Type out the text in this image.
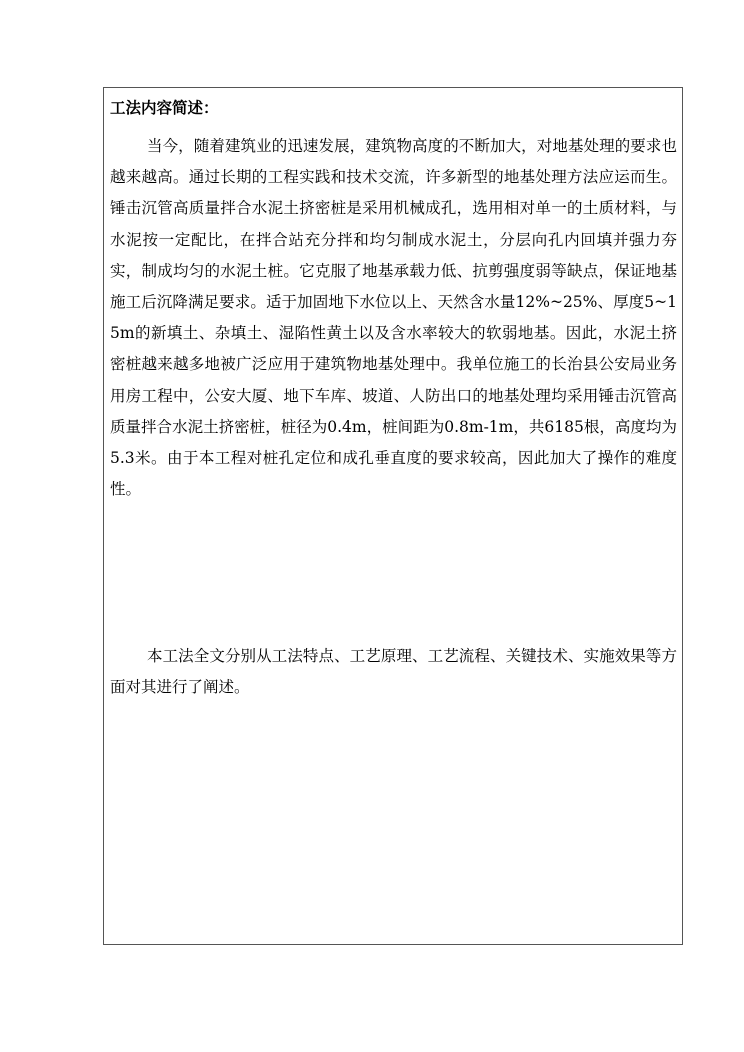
工法内容简述：

当今，随着建筑业的迅速发展，建筑物高度的不断加大，对地基处理的要求也越来越高。通过长期的工程实践和技术交流，许多新型的地基处理方法应运而生。锤击沉管高质量拌合水泥土挤密桩是采用机械成孔，选用相对单一的土质材料，与水泥按一定配比，在拌合站充分拌和均匀制成水泥土，分层向孔内回填并强力夯实，制成均匀的水泥土桩。它克服了地基承载力低、抗剪强度弱等缺点，保证地基施工后沉降满足要求。适于加固地下水位以上、天然含水量12%~25%、厚度5~15m的新填土、杂填土、湿陷性黄土以及含水率较大的软弱地基。因此，水泥土挤密桩越来越多地被广泛应用于建筑物地基处理中。我单位施工的长治县公安局业务用房工程中，公安大厦、地下车库、坡道、人防出口的地基处理均采用锤击沉管高质量拌合水泥土挤密桩，桩径为0.4m，桩间距为0.8m-1m，共6185根，高度均为5.3米。由于本工程对桩孔定位和成孔垂直度的要求较高，因此加大了操作的难度性。

本工法全文分别从工法特点、工艺原理、工艺流程、关键技术、实施效果等方面对其进行了阐述。
